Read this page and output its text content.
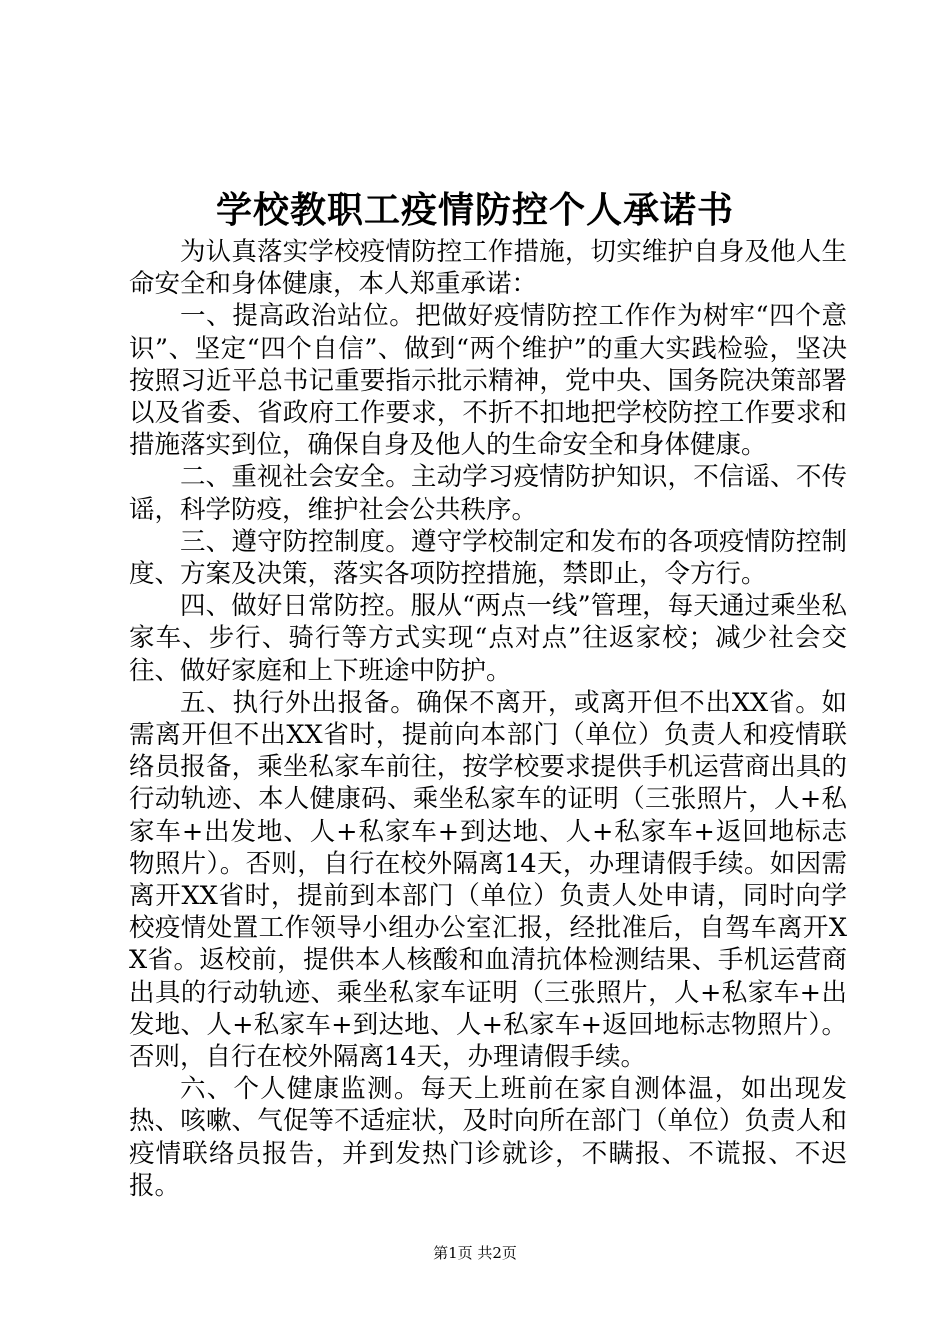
学校教职工疫情防控个人承诺书

为认真落实学校疫情防控工作措施，切实维护自身及他人生命安全和身体健康，本人郑重承诺：

一、提高政治站位。把做好疫情防控工作作为树牢“四个意识”、坚定“四个自信”、做到“两个维护”的重大实践检验，坚决按照习近平总书记重要指示批示精神，党中央、国务院决策部署以及省委、省政府工作要求，不折不扣地把学校防控工作要求和措施落实到位，确保自身及他人的生命安全和身体健康。

二、重视社会安全。主动学习疫情防护知识，不信谣、不传谣，科学防疫，维护社会公共秩序。

三、遵守防控制度。遵守学校制定和发布的各项疫情防控制度、方案及决策，落实各项防控措施，禁即止，令方行。

四、做好日常防控。服从“两点一线”管理，每天通过乘坐私家车、步行、骑行等方式实现“点对点”往返家校；减少社会交往、做好家庭和上下班途中防护。

五、执行外出报备。确保不离开，或离开但不出XX省。如需离开但不出XX省时，提前向本部门（单位）负责人和疫情联络员报备，乘坐私家车前往，按学校要求提供手机运营商出具的行动轨迹、本人健康码、乘坐私家车的证明（三张照片，人+私家车+出发地、人+私家车+到达地、人+私家车+返回地标志物照片）。否则，自行在校外隔离14天，办理请假手续。如因需离开XX省时，提前到本部门（单位）负责人处申请，同时向学校疫情处置工作领导小组办公室汇报，经批准后，自驾车离开XX省。返校前，提供本人核酸和血清抗体检测结果、手机运营商出具的行动轨迹、乘坐私家车证明（三张照片，人+私家车+出发地、人+私家车+到达地、人+私家车+返回地标志物照片）。否则，自行在校外隔离14天，办理请假手续。

六、个人健康监测。每天上班前在家自测体温，如出现发热、咳嗽、气促等不适症状，及时向所在部门（单位）负责人和疫情联络员报告，并到发热门诊就诊，不瞒报、不谎报、不迟报。

第1页 共2页
